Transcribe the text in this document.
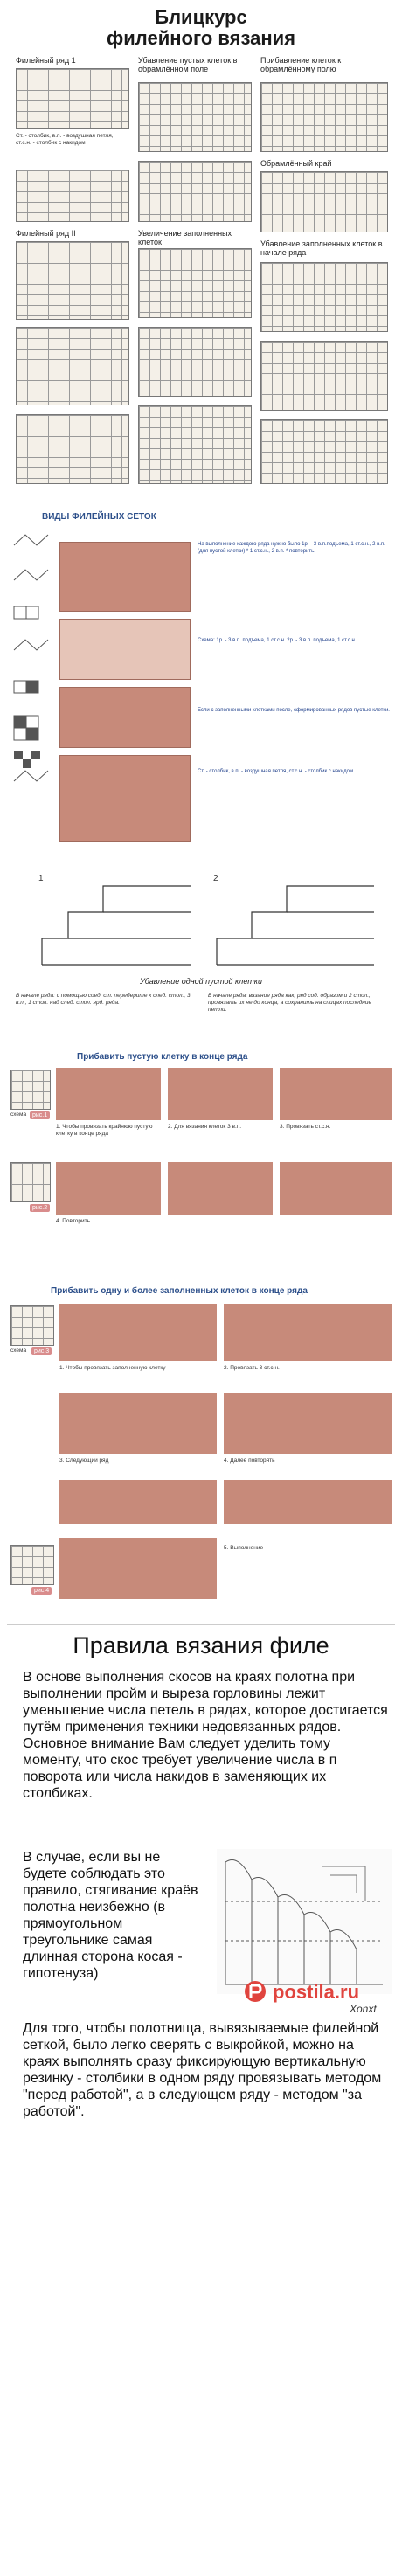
Блицкурс
филейного вязания
Филейный ряд 1
Ст. - столбик, в.п. - воздушная петля, ст.с.н. - столбик с накидом
Филейный ряд II
Убавление пустых клеток в обрамлённом поле
Увеличение заполненных клеток
Прибавление клеток к обрамлённому полю
Обрамлённый край
Убавление заполненных клеток в начале ряда
ВИДЫ ФИЛЕЙНЫХ СЕТОК
На выполнение каждого ряда нужно было 1р. - 3 в.п.подъема, 1 ст.с.н., 2 в.п. (для пустой клетки) * 1 ст.с.н., 2 в.п. * повторить.
Схема: 1р. - 3 в.п. подъема, 1 ст.с.н. 2р. - 3 в.п. подъема, 1 ст.с.н.
Если с заполненными клетками после, сформированных рядов пустые клетки.
Ст. - столбик, в.п. - воздушная петля, ст.с.н. - столбик с накидом
1	2
Убавление одной пустой клетки
В начале ряда: с помощью соед. ст. переберите к след. стол., 3 в.п., 1 стол. над след. стол. ярд. ряда.
В начале ряда: вязание ряда как, ряд сод. образом и 2 стол., провязать их не до конца, а сохранить на спицах последние петли.
Прибавить пустую клетку в конце ряда
схема рис.1
1. Чтобы провязать крайнюю пустую клетку в конце ряда
2. Для вязания клеток 3 в.п.	3. Провязать ст.с.н.
рис.2
4. Повторить
Прибавить одну и более заполненных клеток в конце ряда
схема	рис.3
1. Чтобы провязать заполненную клетку	2. Провязать 3 ст.с.н.
3. Следующий ряд	4. Далее повторять
рис.4
5. Выполнение
Правила вязания филе
В основе выполнения скосов на краях полотна при выполнении пройм и выреза горловины лежит уменьшение числа петель в рядах, которое достигается путём применения техники недовязанных рядов. Основное внимание Вам следует уделить тому моменту, что скос требует увеличение числа в п поворота или числа накидов в заменяющих их столбиках.
В случае, если вы не будете соблюдать это правило, стягивание краёв полотна неизбежно (в прямоугольном треугольнике самая длинная сторона косая - гипотенуза)
Xonxt
Для того, чтобы полотнища, вывязываемые филейной сеткой, было легко сверять с выкройкой, можно на краях выполнять сразу фиксирующую вертикальную резинку - столбики в одном ряду провязывать методом "перед работой", а в следующем ряду - методом "за работой".
postila.ru
